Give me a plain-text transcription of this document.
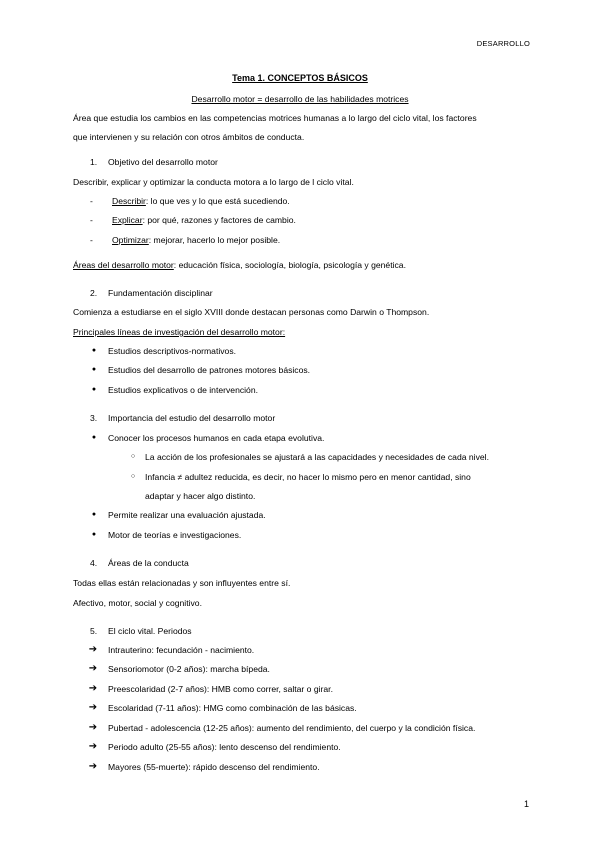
DESARROLLO
Tema 1. CONCEPTOS BÁSICOS
Desarrollo motor = desarrollo de las habilidades motrices
Área que estudia los cambios en las competencias motrices humanas a lo largo del ciclo vital, los factores
que intervienen y su relación con otros ámbitos de conducta.
1. Objetivo del desarrollo motor
Describir, explicar y optimizar la conducta motora a lo largo de l ciclo vital.
- Describir: lo que ves y lo que está sucediendo.
- Explicar: por qué, razones y factores de cambio.
- Optimizar: mejorar, hacerlo lo mejor posible.
Áreas del desarrollo motor: educación física, sociología, biología, psicología y genética.
2. Fundamentación disciplinar
Comienza a estudiarse en el siglo XVIII donde destacan personas como Darwin o Thompson.
Principales líneas de investigación del desarrollo motor:
● Estudios descriptivos-normativos.
● Estudios del desarrollo de patrones motores básicos.
● Estudios explicativos o de intervención.
3. Importancia del estudio del desarrollo motor
● Conocer los procesos humanos en cada etapa evolutiva.
○ La acción de los profesionales se ajustará a las capacidades y necesidades de cada nivel.
○ Infancia ≠ adultez reducida, es decir, no hacer lo mismo pero en menor cantidad, sino
adaptar y hacer algo distinto.
● Permite realizar una evaluación ajustada.
● Motor de teorías e investigaciones.
4. Áreas de la conducta
Todas ellas están relacionadas y son influyentes entre sí.
Afectivo, motor, social y cognitivo.
5. El ciclo vital. Periodos
➔ Intrauterino: fecundación - nacimiento.
➔ Sensoriomotor (0-2 años): marcha bípeda.
➔ Preescolaridad (2-7 años): HMB como correr, saltar o girar.
➔ Escolaridad (7-11 años): HMG como combinación de las básicas.
➔ Pubertad - adolescencia (12-25 años): aumento del rendimiento, del cuerpo y la condición física.
➔ Periodo adulto (25-55 años): lento descenso del rendimiento.
➔ Mayores (55-muerte): rápido descenso del rendimiento.
1
